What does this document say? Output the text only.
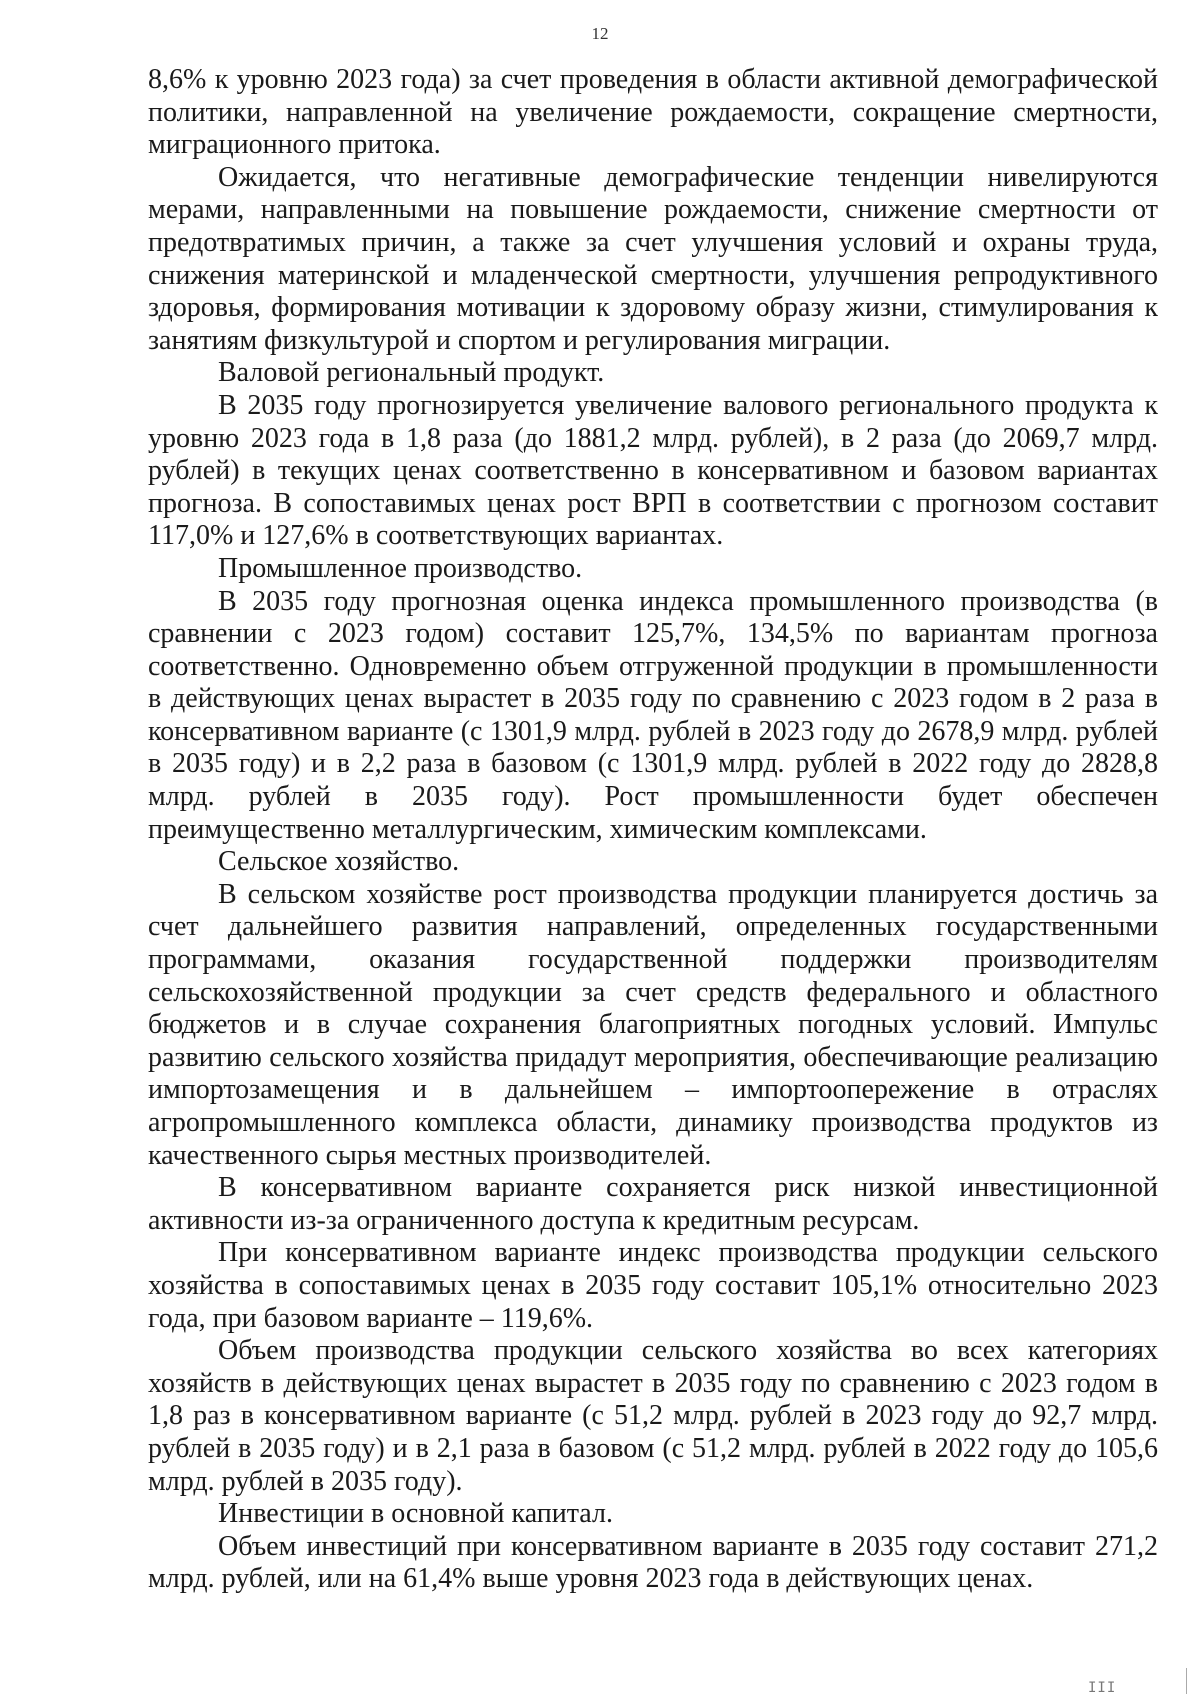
12

8,6% к уровню 2023 года) за счет проведения в области активной демографической политики, направленной на увеличение рождаемости, сокращение смертности, миграционного притока.

Ожидается, что негативные демографические тенденции нивелируются мерами, направленными на повышение рождаемости, снижение смертности от предотвратимых причин, а также за счет улучшения условий и охраны труда, снижения материнской и младенческой смертности, улучшения репродуктивного здоровья, формирования мотивации к здоровому образу жизни, стимулирования к занятиям физкультурой и спортом и регулирования миграции.

Валовой региональный продукт.

В 2035 году прогнозируется увеличение валового регионального продукта к уровню 2023 года в 1,8 раза (до 1881,2 млрд. рублей), в 2 раза (до 2069,7 млрд. рублей) в текущих ценах соответственно в консервативном и базовом вариантах прогноза. В сопоставимых ценах рост ВРП в соответствии с прогнозом составит 117,0% и 127,6% в соответствующих вариантах.

Промышленное производство.

В 2035 году прогнозная оценка индекса промышленного производства (в сравнении с 2023 годом) составит 125,7%, 134,5% по вариантам прогноза соответственно. Одновременно объем отгруженной продукции в промышленности в действующих ценах вырастет в 2035 году по сравнению с 2023 годом в 2 раза в консервативном варианте (с 1301,9 млрд. рублей в 2023 году до 2678,9 млрд. рублей в 2035 году) и в 2,2 раза в базовом (с 1301,9 млрд. рублей в 2022 году до 2828,8 млрд. рублей в 2035 году). Рост промышленности будет обеспечен преимущественно металлургическим, химическим комплексами.

Сельское хозяйство.

В сельском хозяйстве рост производства продукции планируется достичь за счет дальнейшего развития направлений, определенных государственными программами, оказания государственной поддержки производителям сельскохозяйственной продукции за счет средств федерального и областного бюджетов и в случае сохранения благоприятных погодных условий. Импульс развитию сельского хозяйства придадут мероприятия, обеспечивающие реализацию импортозамещения и в дальнейшем – импортоопережение в отраслях агропромышленного комплекса области, динамику производства продуктов из качественного сырья местных производителей.

В консервативном варианте сохраняется риск низкой инвестиционной активности из-за ограниченного доступа к кредитным ресурсам.

При консервативном варианте индекс производства продукции сельского хозяйства в сопоставимых ценах в 2035 году составит 105,1% относительно 2023 года, при базовом варианте – 119,6%.

Объем производства продукции сельского хозяйства во всех категориях хозяйств в действующих ценах вырастет в 2035 году по сравнению с 2023 годом в 1,8 раз в консервативном варианте (с 51,2 млрд. рублей в 2023 году до 92,7 млрд. рублей в 2035 году) и в 2,1 раза в базовом (с 51,2 млрд. рублей в 2022 году до 105,6 млрд. рублей в 2035 году).

Инвестиции в основной капитал.

Объем инвестиций при консервативном варианте в 2035 году составит 271,2 млрд. рублей, или на 61,4% выше уровня 2023 года в действующих ценах.

III
